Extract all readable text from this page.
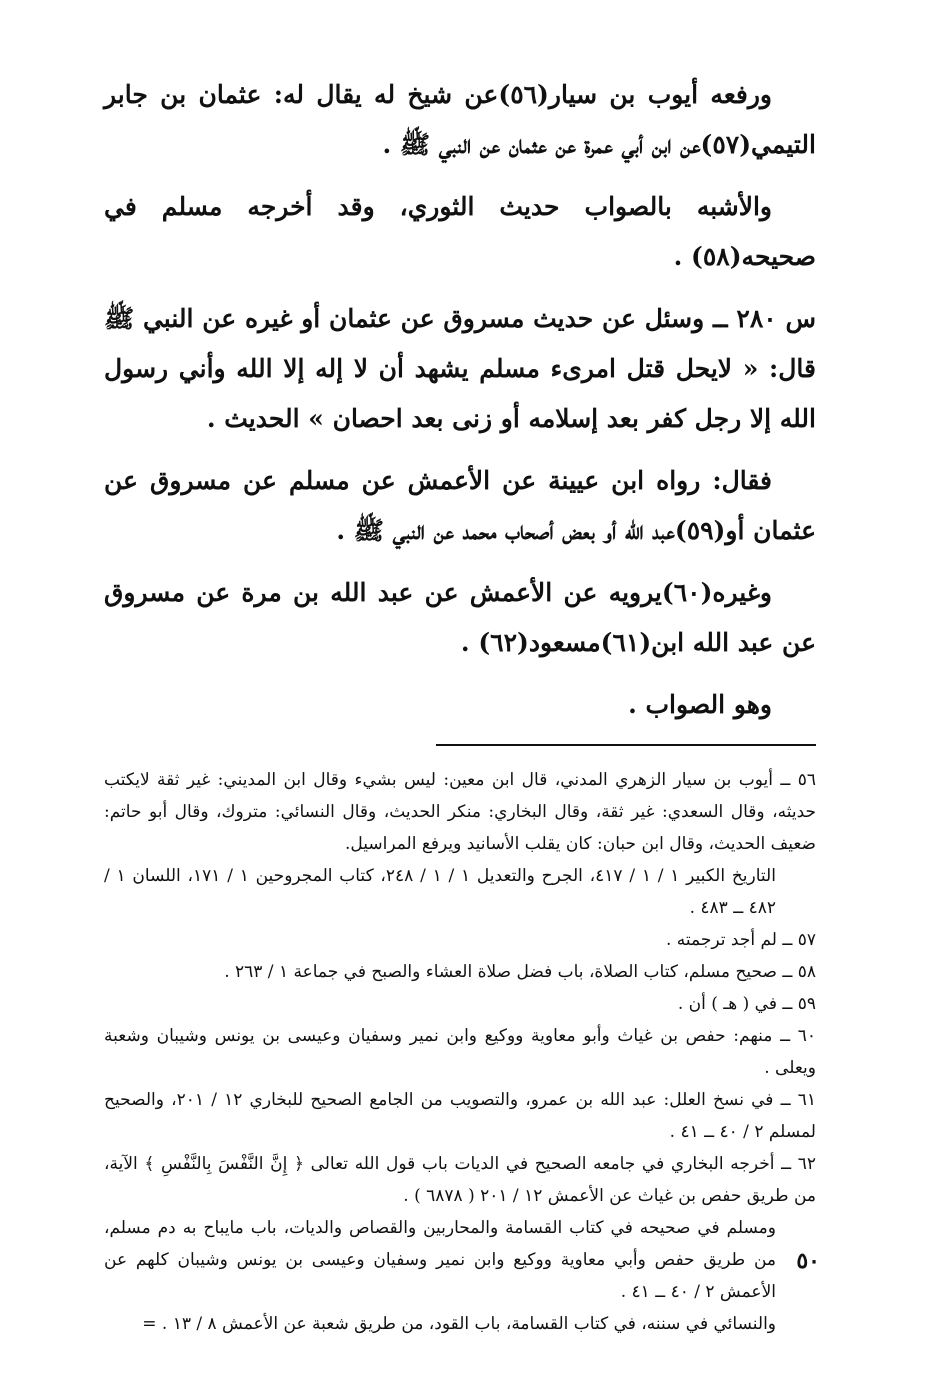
ورفعه أيوب بن سيار(٥٦)عن شيخ له يقال له: عثمان بن جابر التيمي(٥٧)عن ابن أبي عمرة عن عثمان عن النبي ﷺ .

والأشبه بالصواب حديث الثوري، وقد أخرجه مسلم في صحيحه(٥٨) .

س ٢٨٠ ــ وسئل عن حديث مسروق عن عثمان أو غيره عن النبي ﷺ قال: « لايحل قتل امرىء مسلم يشهد أن لا إله إلا الله وأني رسول الله إلا رجل كفر بعد إسلامه أو زنى بعد احصان » الحديث .

فقال: رواه ابن عيينة عن الأعمش عن مسلم عن مسروق عن عثمان أو(٥٩)عبد الله أو بعض أصحاب محمد عن النبي ﷺ .

وغيره(٦٠)يرويه عن الأعمش عن عبد الله بن مرة عن مسروق عن عبد الله ابن(٦١)مسعود(٦٢) .

وهو الصواب .

٥٦ ــ أيوب بن سيار الزهري المدني، قال ابن معين: ليس بشيء وقال ابن المديني: غير ثقة لايكتب حديثه، وقال السعدي: غير ثقة، وقال البخاري: منكر الحديث، وقال النسائي: متروك، وقال أبو حاتم: ضعيف الحديث، وقال ابن حبان: كان يقلب الأسانيد ويرفع المراسيل.

التاريخ الكبير ١ / ١ / ٤١٧، الجرح والتعديل ١ / ١ / ٢٤٨، كتاب المجروحين ١ / ١٧١، اللسان ١ / ٤٨٢ ــ ٤٨٣ .

٥٧ ــ لم أجد ترجمته .

٥٨ ــ صحيح مسلم، كتاب الصلاة، باب فضل صلاة العشاء والصبح في جماعة ١ / ٢٦٣ .

٥٩ ــ في ( هـ ) أن .

٦٠ ــ منهم: حفص بن غياث وأبو معاوية ووكيع وابن نمير وسفيان وعيسى بن يونس وشيبان وشعبة ويعلى .

٦١ ــ في نسخ العلل: عبد الله بن عمرو، والتصويب من الجامع الصحيح للبخاري ١٢ / ٢٠١، والصحيح لمسلم ٢ / ٤٠ ــ ٤١ .

٦٢ ــ أخرجه البخاري في جامعه الصحيح في الديات باب قول الله تعالى ﴿ إِنَّ النَّفْسَ بِالنَّفْسِ ﴾ الآية، من طريق حفص بن غياث عن الأعمش ١٢ / ٢٠١ ( ٦٨٧٨ ) .

ومسلم في صحيحه في كتاب القسامة والمحاربين والقصاص والديات، باب مايباح به دم مسلم، من طريق حفص وأبي معاوية ووكيع وابن نمير وسفيان وعيسى بن يونس وشيبان كلهم عن الأعمش ٢ / ٤٠ ــ ٤١ .

والنسائي في سننه، في كتاب القسامة، باب القود، من طريق شعبة عن الأعمش ٨ / ١٣ . =

٥٠
